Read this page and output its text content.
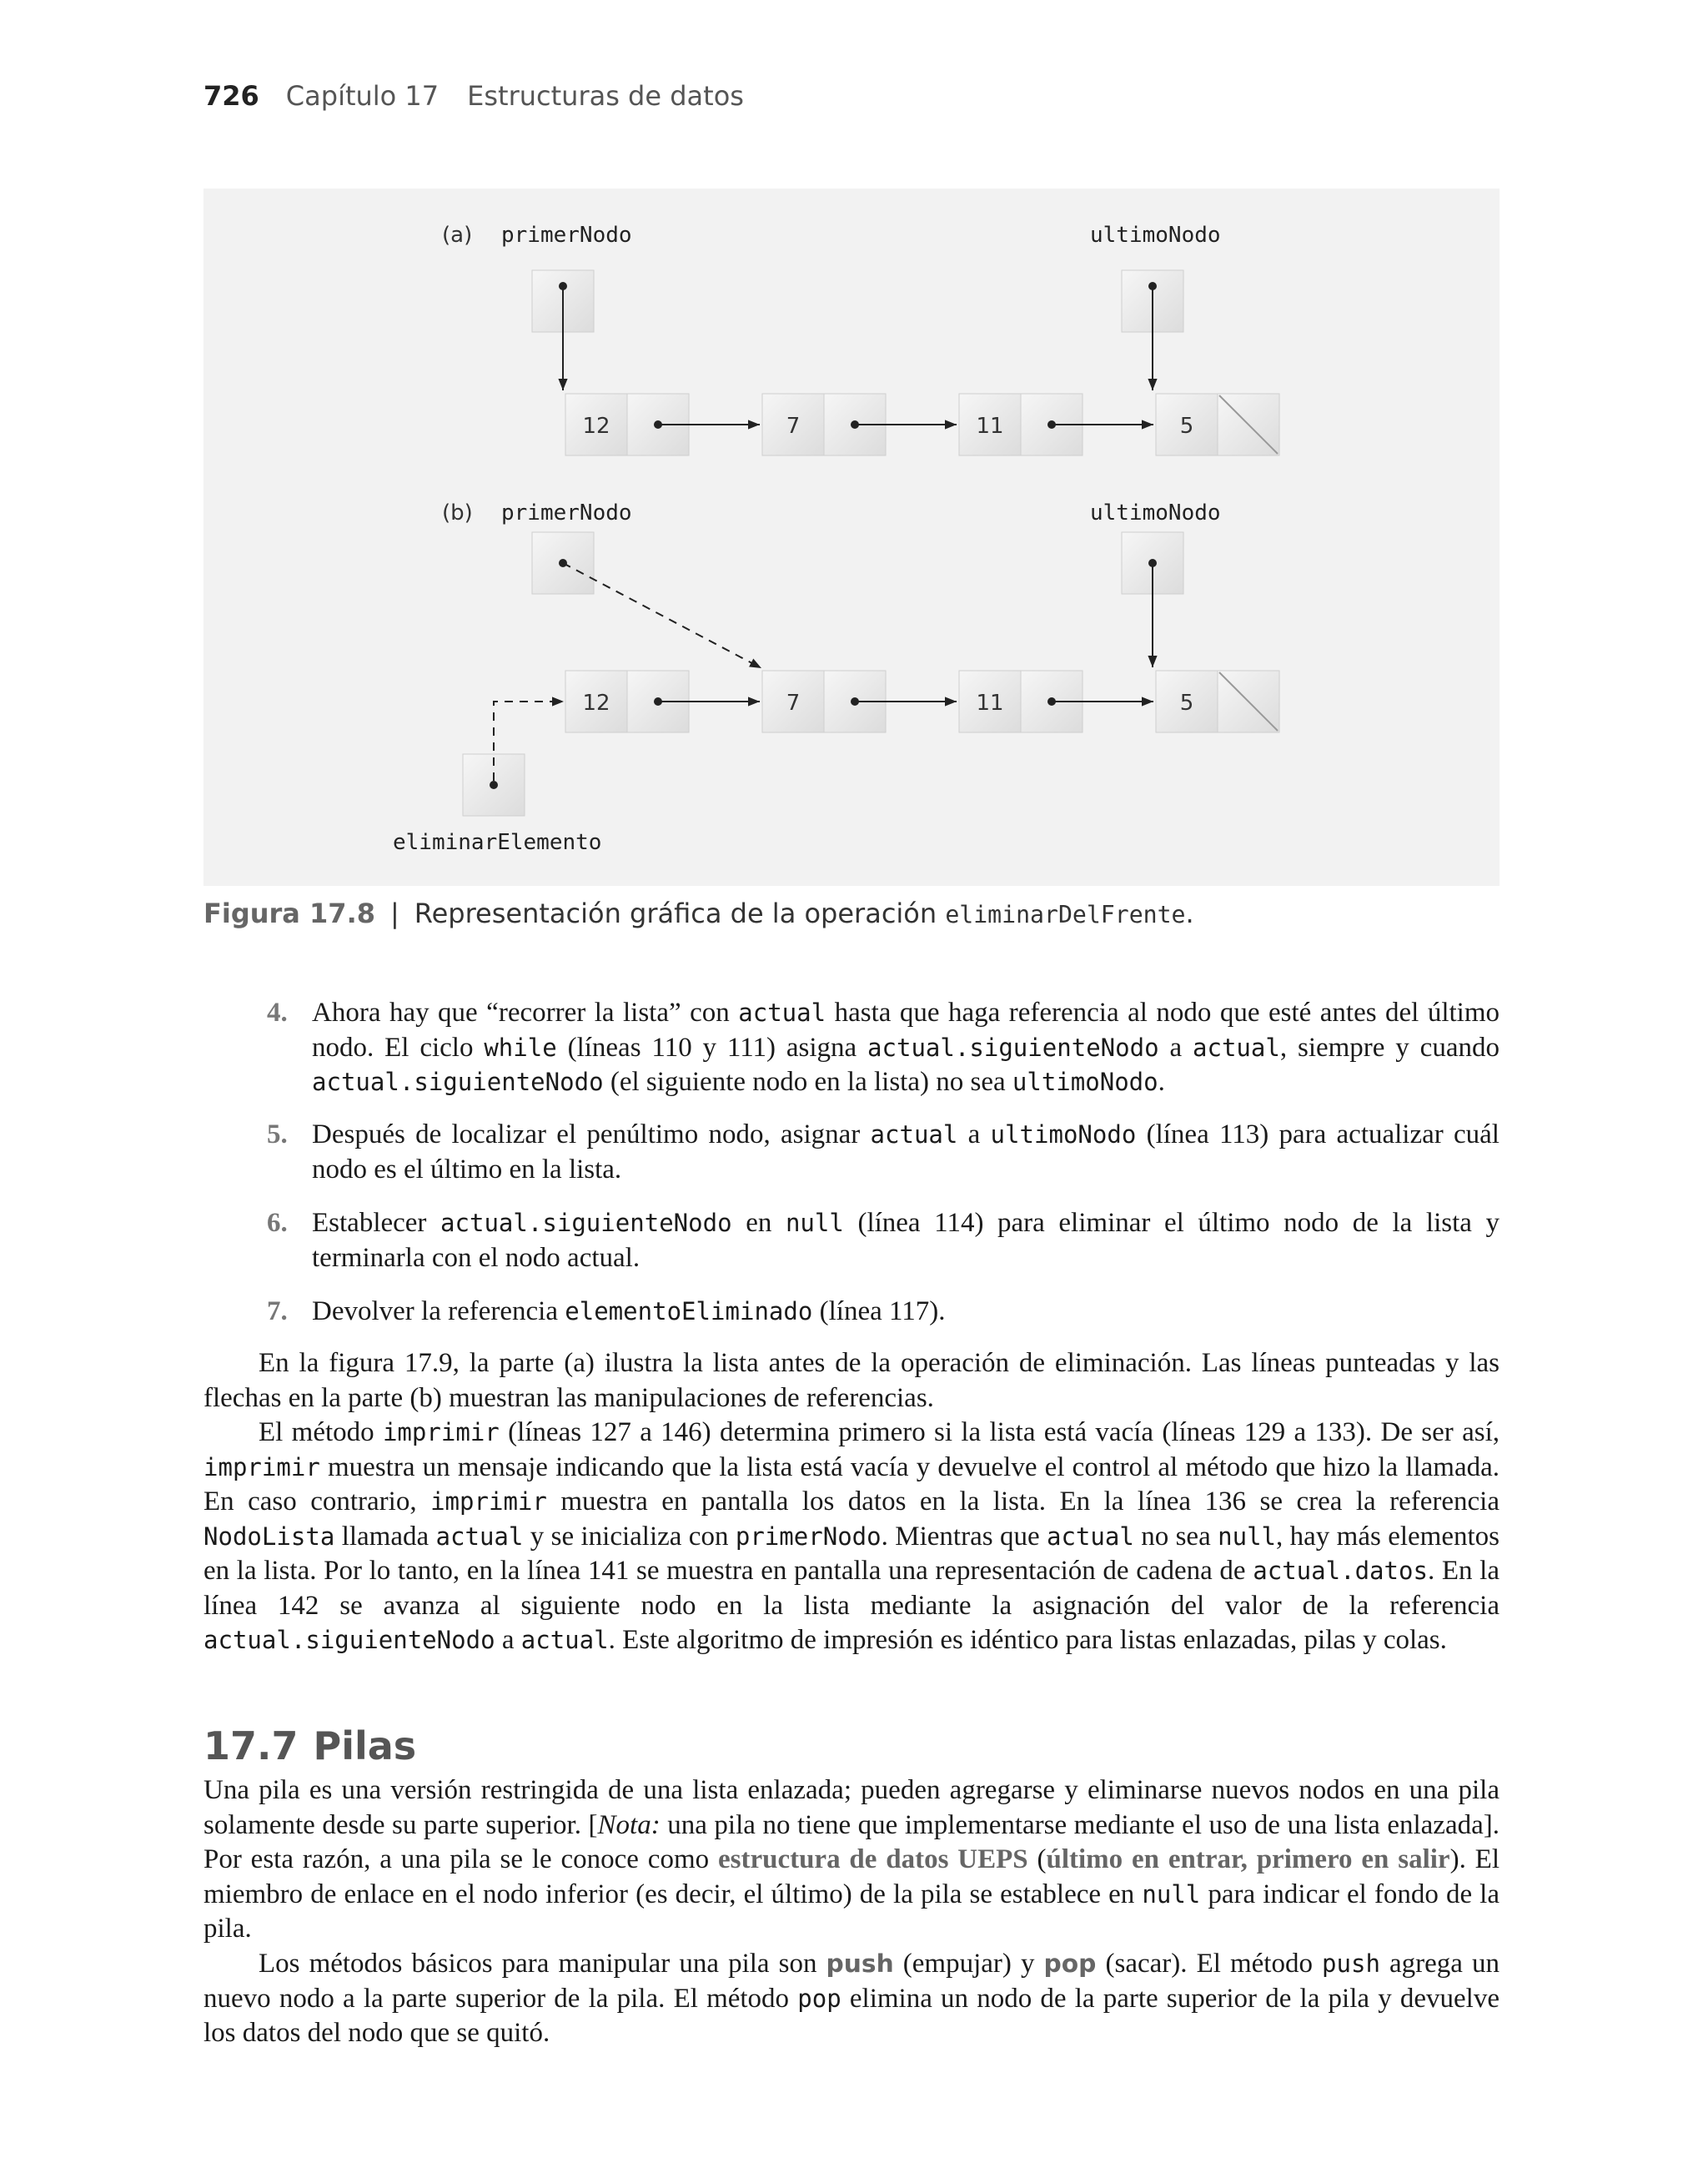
726 Capítulo 17 Estructuras de datos
(a) primerNodo	ultimoNodo
12	7	11	5
(b) primerNodo	ultimoNodo
12	7	11	5
eliminarElemento
Figura 17.8 | Representación gráfica de la operación eliminarDelFrente.
4. Ahora hay que “recorrer la lista” con actual hasta que haga referencia al nodo que esté antes del último nodo. El ciclo while (líneas 110 y 111) asigna actual.siguienteNodo a actual, siempre y cuando actual.siguienteNodo (el siguiente nodo en la lista) no sea ultimoNodo.
5. Después de localizar el penúltimo nodo, asignar actual a ultimoNodo (línea 113) para actualizar cuál nodo es el último en la lista.
6. Establecer actual.siguienteNodo en null (línea 114) para eliminar el último nodo de la lista y terminarla con el nodo actual.
7. Devolver la referencia elementoEliminado (línea 117).
En la figura 17.9, la parte (a) ilustra la lista antes de la operación de eliminación. Las líneas punteadas y las flechas en la parte (b) muestran las manipulaciones de referencias.
El método imprimir (líneas 127 a 146) determina primero si la lista está vacía (líneas 129 a 133). De ser así, imprimir muestra un mensaje indicando que la lista está vacía y devuelve el control al método que hizo la llamada. En caso contrario, imprimir muestra en pantalla los datos en la lista. En la línea 136 se crea la referencia NodoLista llamada actual y se inicializa con primerNodo. Mientras que actual no sea null, hay más elementos en la lista. Por lo tanto, en la línea 141 se muestra en pantalla una representación de cadena de actual.datos. En la línea 142 se avanza al siguiente nodo en la lista mediante la asignación del valor de la referencia actual.siguienteNodo a actual. Este algoritmo de impresión es idéntico para listas enlazadas, pilas y colas.
17.7 Pilas
Una pila es una versión restringida de una lista enlazada; pueden agregarse y eliminarse nuevos nodos en una pila solamente desde su parte superior. [Nota: una pila no tiene que implementarse mediante el uso de una lista enlazada]. Por esta razón, a una pila se le conoce como estructura de datos UEPS (último en entrar, primero en salir). El miembro de enlace en el nodo inferior (es decir, el último) de la pila se establece en null para indicar el fondo de la pila.
Los métodos básicos para manipular una pila son push (empujar) y pop (sacar). El método push agrega un nuevo nodo a la parte superior de la pila. El método pop elimina un nodo de la parte superior de la pila y devuelve los datos del nodo que se quitó.
